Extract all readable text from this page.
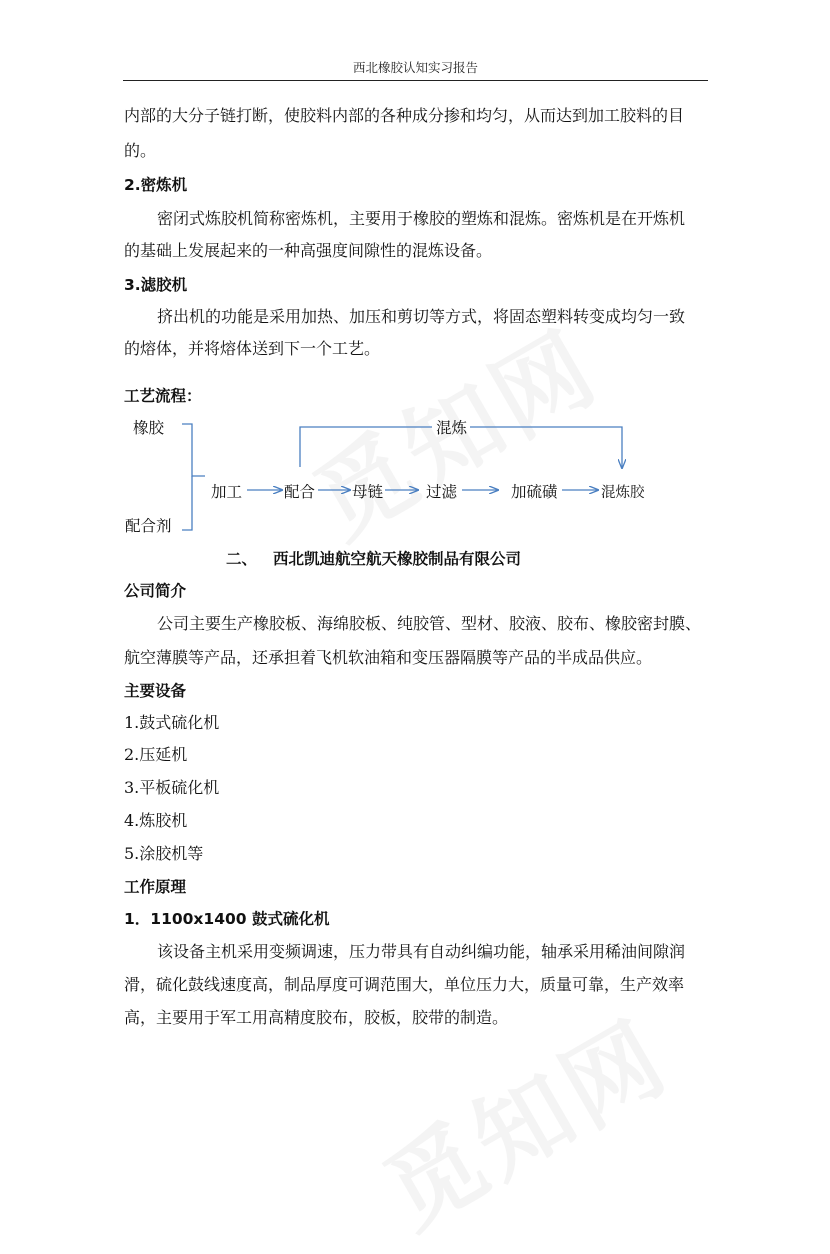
西北橡胶认知实习报告
内部的大分子链打断，使胶料内部的各种成分掺和均匀，从而达到加工胶料的目
的。
2.密炼机
密闭式炼胶机简称密炼机，主要用于橡胶的塑炼和混炼。密炼机是在开炼机
的基础上发展起来的一种高强度间隙性的混炼设备。
3.滤胶机
挤出机的功能是采用加热、加压和剪切等方式，将固态塑料转变成均匀一致
的熔体，并将熔体送到下一个工艺。
工艺流程：
橡胶
配合剂
加工	配合 母链	过滤	加硫磺
混炼
混炼胶
二、 西北凯迪航空航天橡胶制品有限公司
公司简介
公司主要生产橡胶板、海绵胶板、纯胶管、型材、胶液、胶布、橡胶密封膜、
航空薄膜等产品，还承担着飞机软油箱和变压器隔膜等产品的半成品供应。
主要设备
1.鼓式硫化机
2.压延机
3.平板硫化机
4.炼胶机
5.涂胶机等
工作原理
1．1100x1400 鼓式硫化机
该设备主机采用变频调速，压力带具有自动纠编功能，轴承采用稀油间隙润
滑，硫化鼓线速度高，制品厚度可调范围大，单位压力大，质量可靠，生产效率
高，主要用于军工用高精度胶布，胶板，胶带的制造。
